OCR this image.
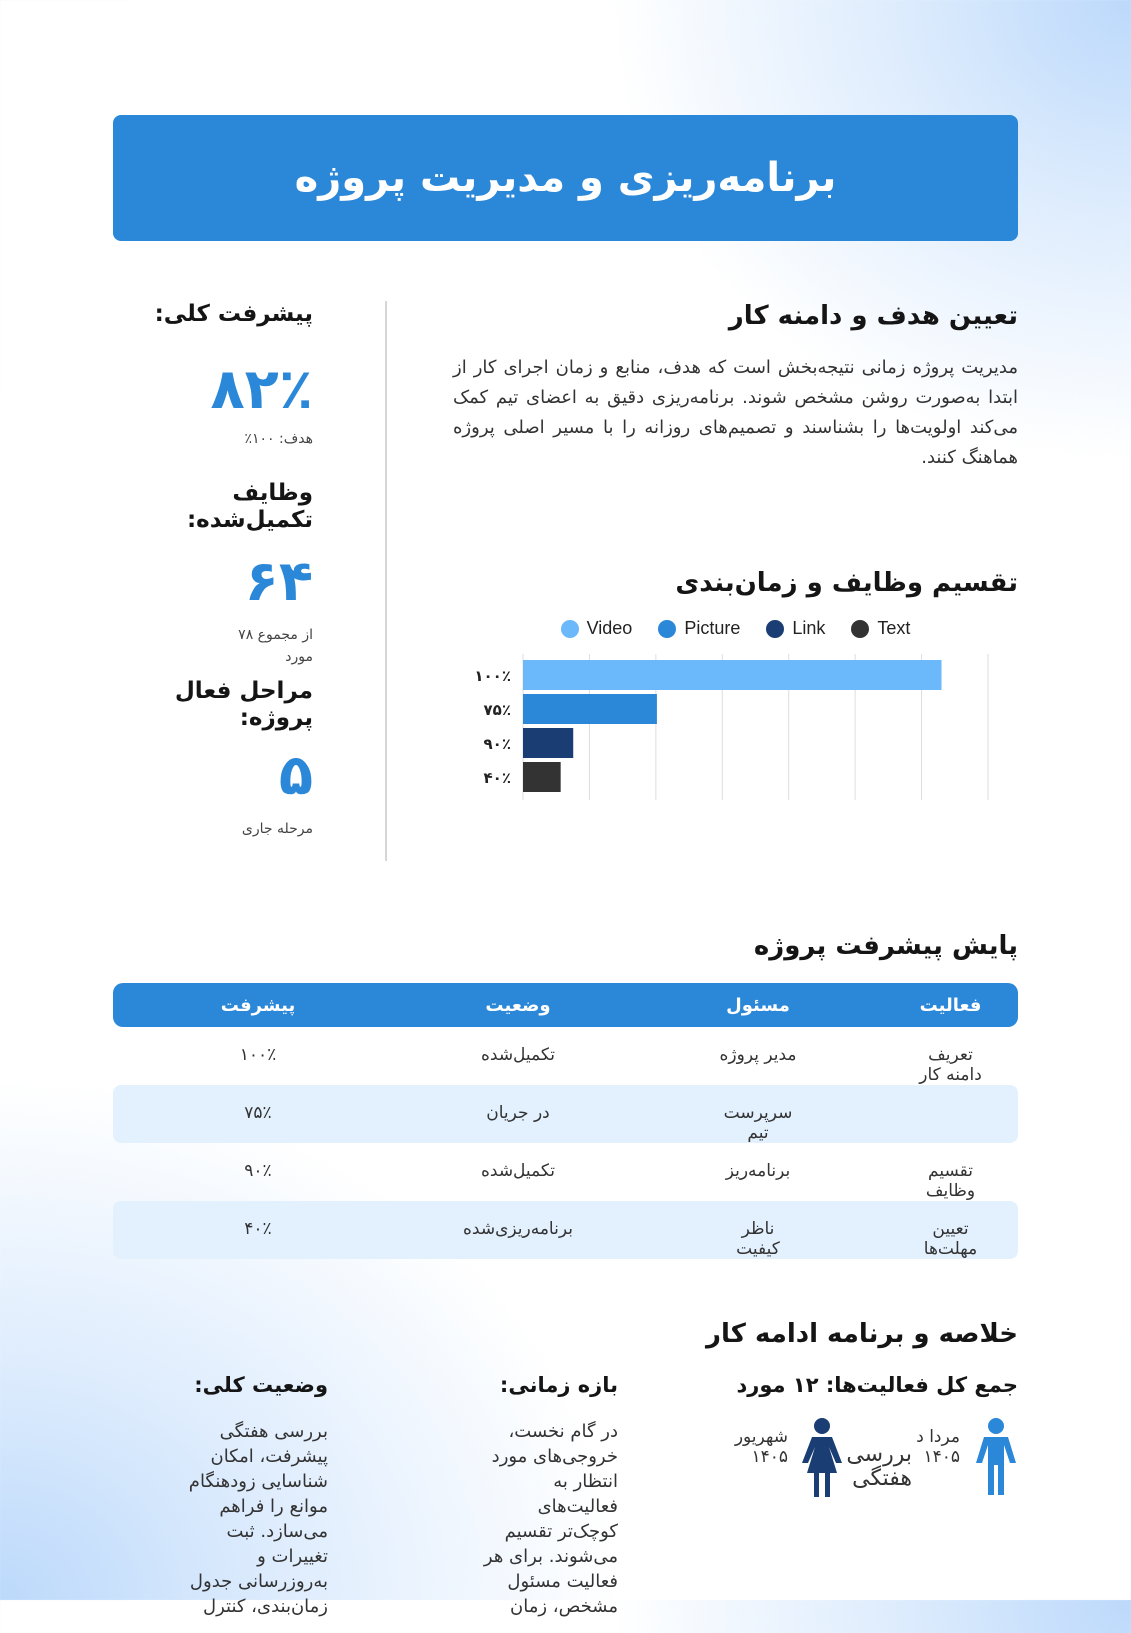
برنامه‌ریزی و مدیریت پروژه
تعیین هدف و دامنه کار

مدیریت پروژه زمانی نتیجه‌بخش است که هدف، منابع و زمان اجرای کار از ابتدا به‌صورت روشن مشخص شوند. برنامه‌ریزی دقیق به اعضای تیم کمک می‌کند اولویت‌ها را بشناسند و تصمیم‌های روزانه را با مسیر اصلی پروژه هماهنگ کنند.

تقسیم وظایف و زمان‌بندی
Video	Picture	Link	Text
۱۰۰٪
۷۵٪
۹۰٪
۴۰٪
پیشرفت کلی:
۸۲٪
هدف: ۱۰۰٪
وظایف تکمیل‌شده:
۶۴
از مجموع ۷۸ مورد
مراحل فعال پروژه:
۵
مرحله جاری
پایش پیشرفت پروژه
فعالیت	مسئول	وضعیت	پیشرفت
تعریف دامنه کار	مدیر پروژه	تکمیل‌شده	۱۰۰٪
	سرپرست تیم	در جریان	۷۵٪
تقسیم وظایف	برنامه‌ریز	تکمیل‌شده	۹۰٪
تعیین مهلت‌ها	ناظر کیفیت	برنامه‌ریزی‌شده	۴۰٪
خلاصه و برنامه ادامه کار
جمع کل فعالیت‌ها: ۱۲ مورد
مردا د ۱۴۰۵
بررسی هفتگی
شهریور ۱۴۰۵
بازه زمانی:

در گام نخست، خروجی‌های مورد انتظار به فعالیت‌های کوچک‌تر تقسیم می‌شوند. برای هر فعالیت مسئول مشخص، زمان

وضعیت کلی:

بررسی هفتگی پیشرفت، امکان شناسایی زودهنگام موانع را فراهم می‌سازد. ثبت تغییرات و به‌روزرسانی جدول زمان‌بندی، کنترل
